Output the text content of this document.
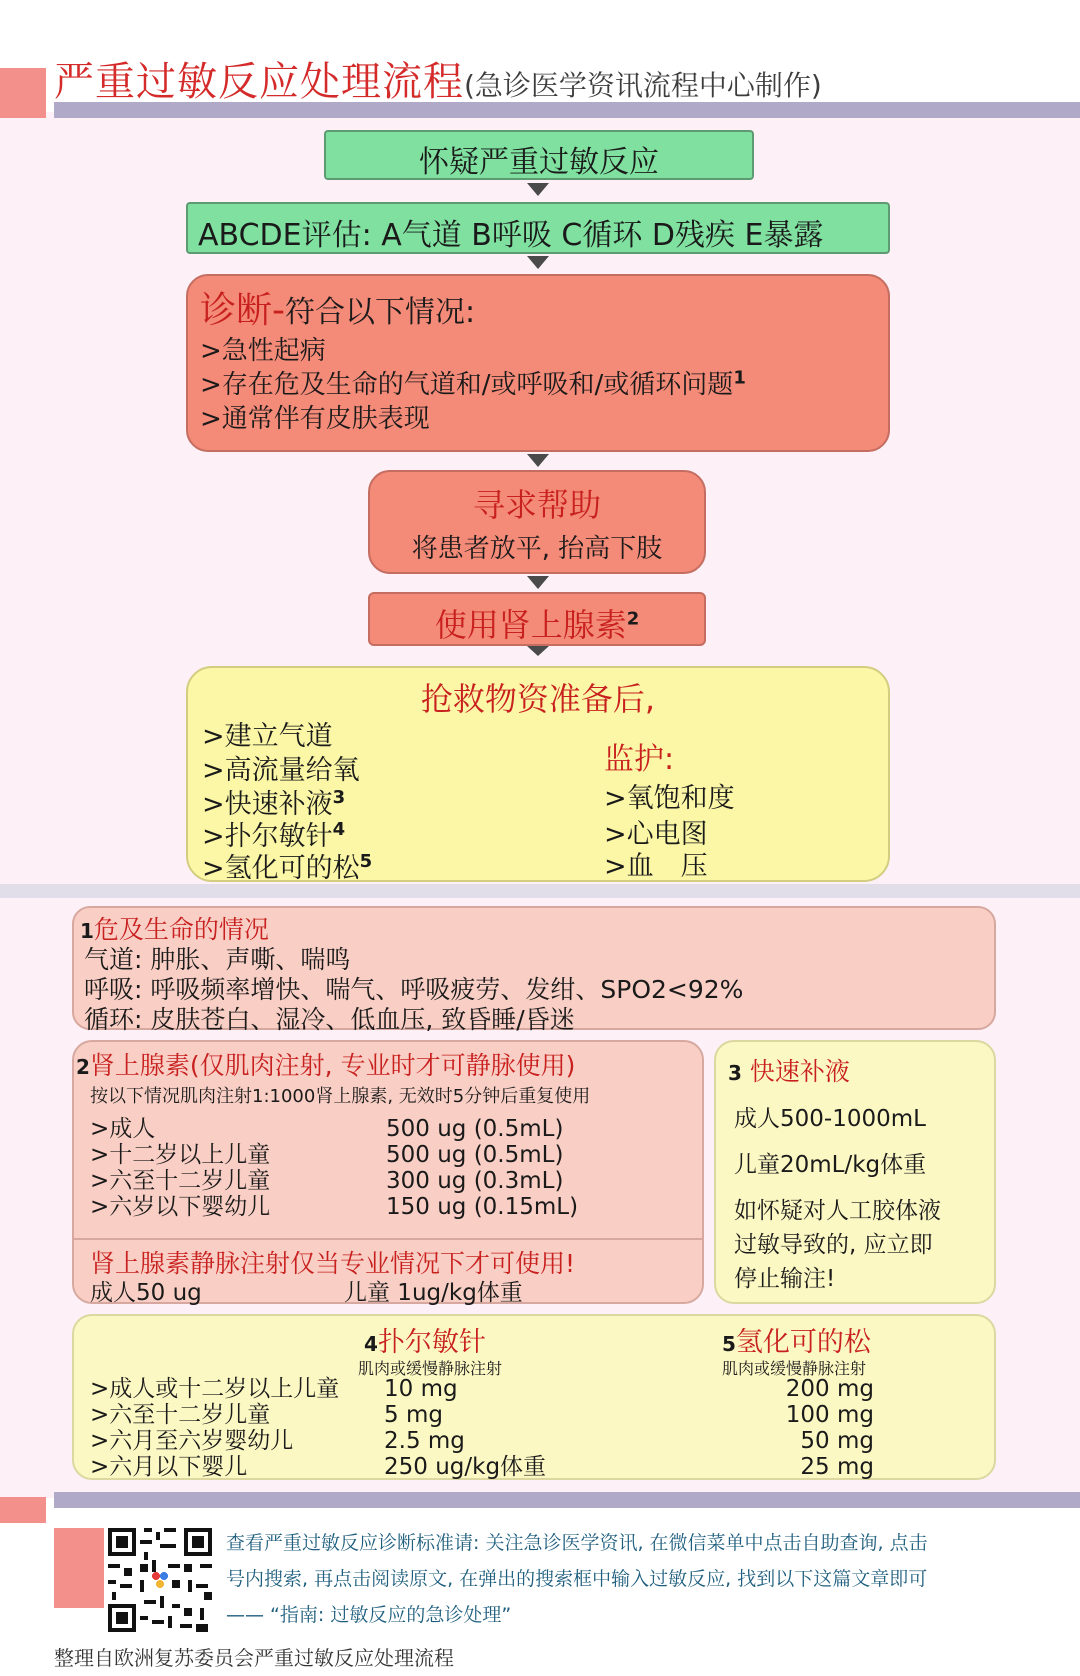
严重过敏反应处理流程(急诊医学资讯流程中心制作)
怀疑严重过敏反应
ABCDE评估: A气道 B呼吸 C循环 D残疾 E暴露
诊断-符合以下情况:
>急性起病
>存在危及生命的气道和/或呼吸和/或循环问题$^1$
>通常伴有皮肤表现
寻求帮助
将患者放平, 抬高下肢
使用肾上腺素$^2$
抢救物资准备后,
>建立气道
>高流量给氧
>快速补液$^3$
>扑尔敏针$^4$
>氢化可的松$^5$
监护:
>氧饱和度
>心电图
>血　压
1危及生命的情况
气道: 肿胀、声嘶、喘鸣
呼吸: 呼吸频率增快、喘气、呼吸疲劳、发绀、SPO2<92%
循环: 皮肤苍白、湿冷、低血压, 致昏睡/昏迷
2肾上腺素(仅肌肉注射, 专业时才可静脉使用)
按以下情况肌肉注射1:1000肾上腺素, 无效时5分钟后重复使用
>成人
>十二岁以上儿童
>六至十二岁儿童
>六岁以下婴幼儿
500 ug (0.5mL)
500 ug (0.5mL)
300 ug (0.3mL)
150 ug (0.15mL)
肾上腺素静脉注射仅当专业情况下才可使用!
成人50 ug	儿童 1ug/kg体重
3 快速补液
成人500-1000mL
儿童20mL/kg体重
如怀疑对人工胶体液
过敏导致的, 应立即
停止输注!
4扑尔敏针
肌肉或缓慢静脉注射
>成人或十二岁以上儿童
>六至十二岁儿童
>六月至六岁婴幼儿
>六月以下婴儿
10 mg
5 mg
2.5 mg
250 ug/kg体重
5氢化可的松
肌肉或缓慢静脉注射
200 mg
100 mg
50 mg
25 mg
查看严重过敏反应诊断标准请: 关注急诊医学资讯, 在微信菜单中点击自助查询, 点击
号内搜索, 再点击阅读原文, 在弹出的搜索框中输入过敏反应, 找到以下这篇文章即可
—— “指南: 过敏反应的急诊处理”
整理自欧洲复苏委员会严重过敏反应处理流程
